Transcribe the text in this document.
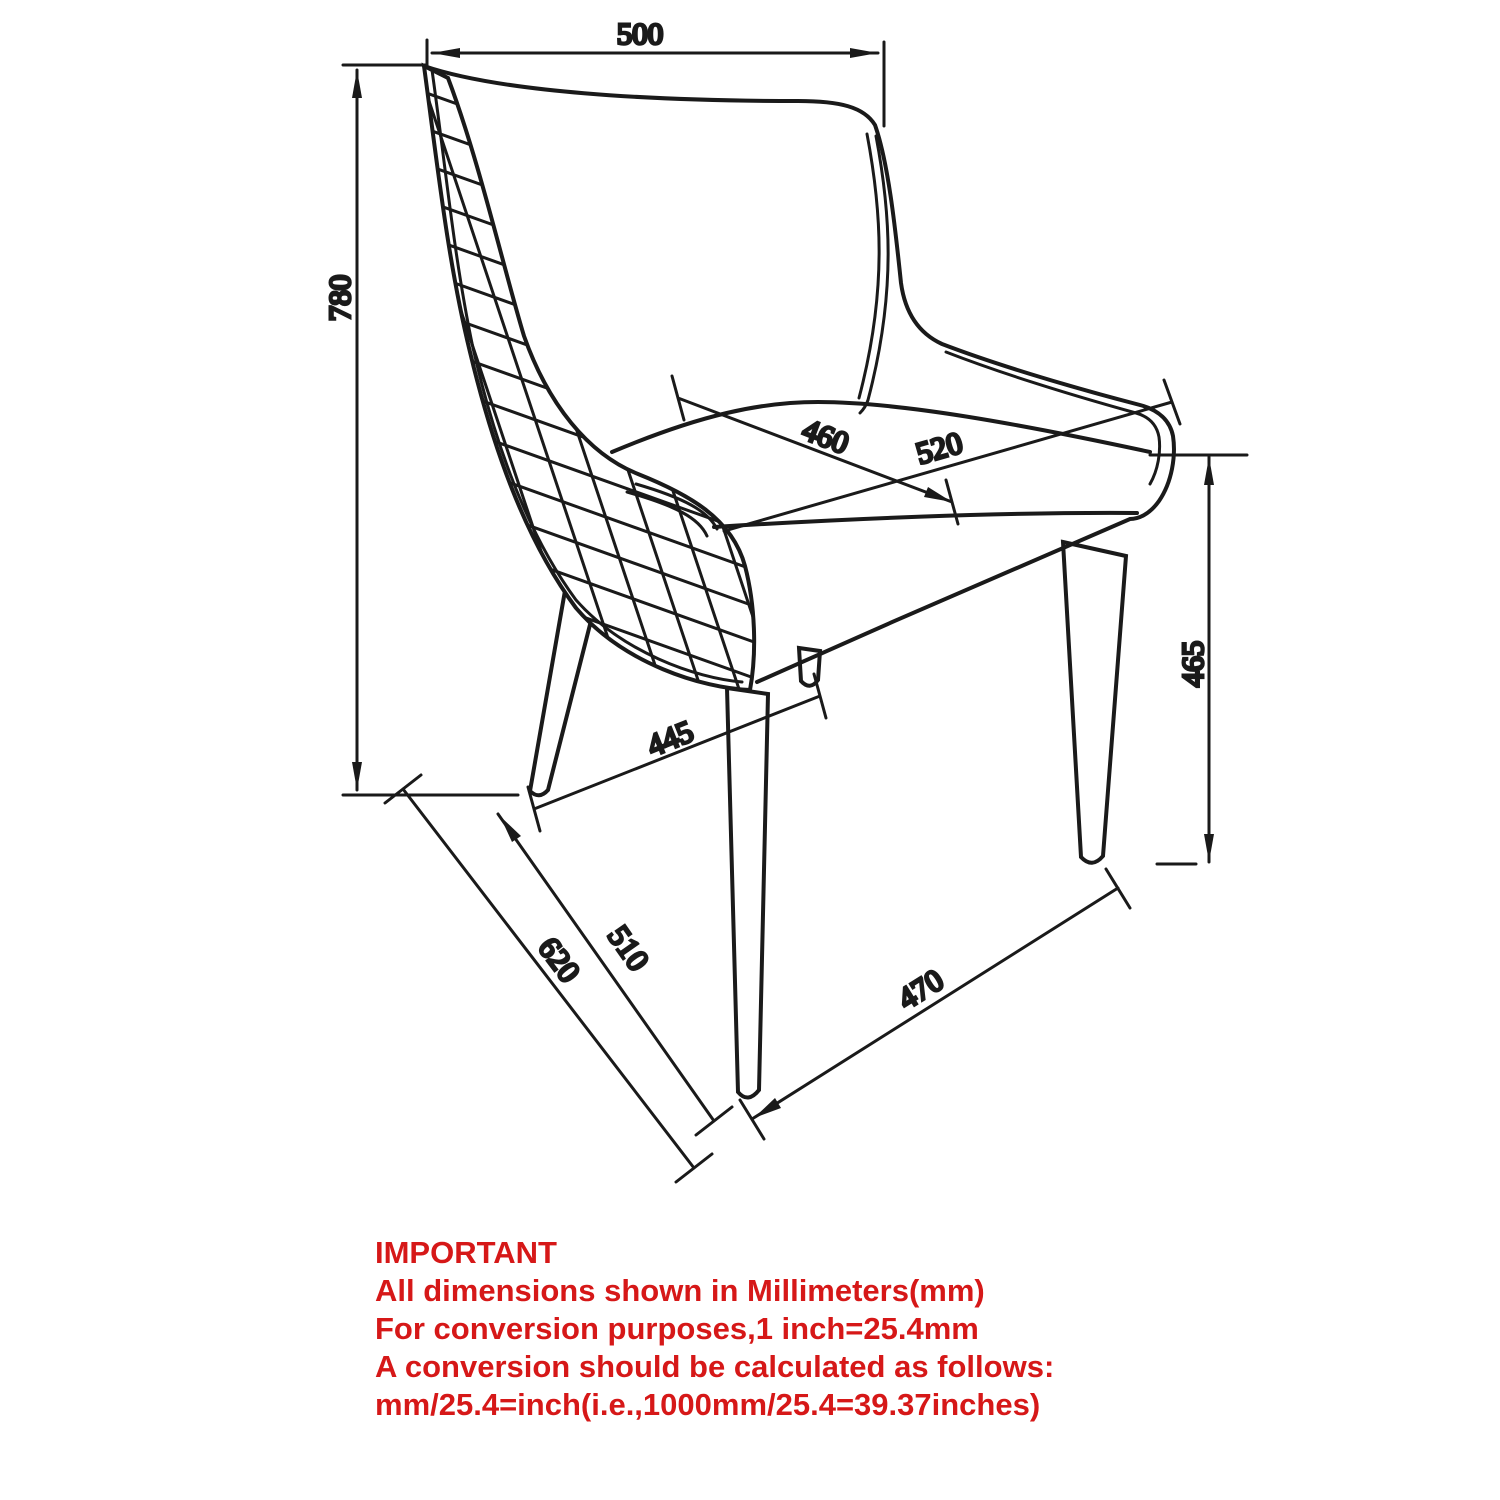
500
780
465
460 520
445
620 510
470
IMPORTANT
All dimensions shown in Millimeters(mm)
For conversion purposes,1 inch=25.4mm
A conversion should be calculated as follows:
mm/25.4=inch(i.e.,1000mm/25.4=39.37inches)
